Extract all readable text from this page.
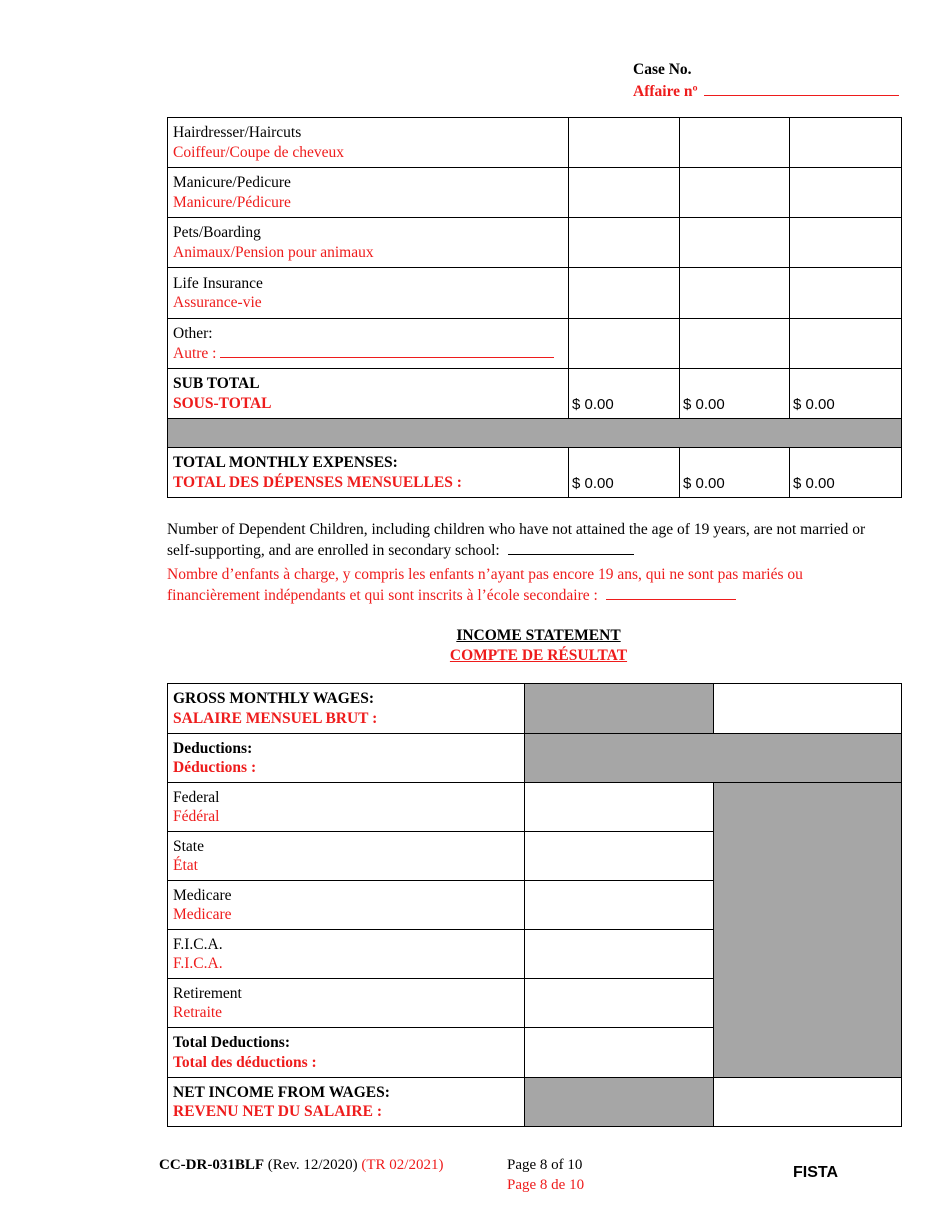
Case No.
Affaire nº
Hairdresser/Haircuts
Coiffeur/Coupe de cheveux			

Manicure/Pedicure
Manicure/Pédicure			

Pets/Boarding
Animaux/Pension pour animaux			

Life Insurance
Assurance-vie			

Other:
Autre :			

SUB TOTAL
SOUS-TOTAL	$ 0.00	$ 0.00	$ 0.00

TOTAL MONTHLY EXPENSES:
TOTAL DES DÉPENSES MENSUELLES :	$ 0.00	$ 0.00	$ 0.00
Number of Dependent Children, including children who have not attained the age of 19 years, are not married or self-supporting, and are enrolled in secondary school:
Nombre d’enfants à charge, y compris les enfants n’ayant pas encore 19 ans, qui ne sont pas mariés ou financièrement indépendants et qui sont inscrits à l’école secondaire :
INCOME STATEMENT
COMPTE DE RÉSULTAT
GROSS MONTHLY WAGES:
SALAIRE MENSUEL BRUT :		

Deductions:
Déductions :		

Federal
Fédéral		

State
État		

Medicare
Medicare		

F.I.C.A.
F.I.C.A.		

Retirement
Retraite		

Total Deductions:
Total des déductions :		

NET INCOME FROM WAGES:
REVENU NET DU SALAIRE :		

CC-DR-031BLF (Rev. 12/2020) (TR 02/2021)	Page 8 of 10
Page 8 de 10
FISTA
